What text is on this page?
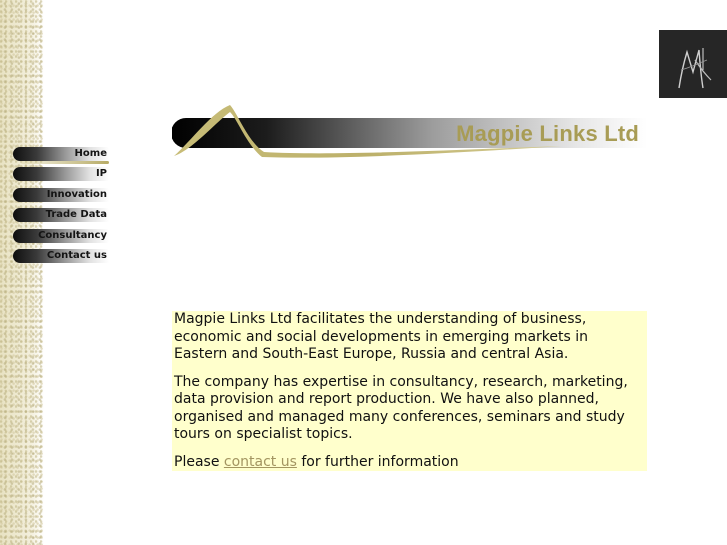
Magpie Links Ltd
Home
IP
Innovation
Trade Data
Consultancy
Contact us

Magpie Links Ltd facilitates the understanding of business, economic and social developments in emerging markets in Eastern and South-East Europe, Russia and central Asia.

The company has expertise in consultancy, research, marketing, data provision and report production. We have also planned, organised and managed many conferences, seminars and study tours on specialist topics.

Please contact us for further information
